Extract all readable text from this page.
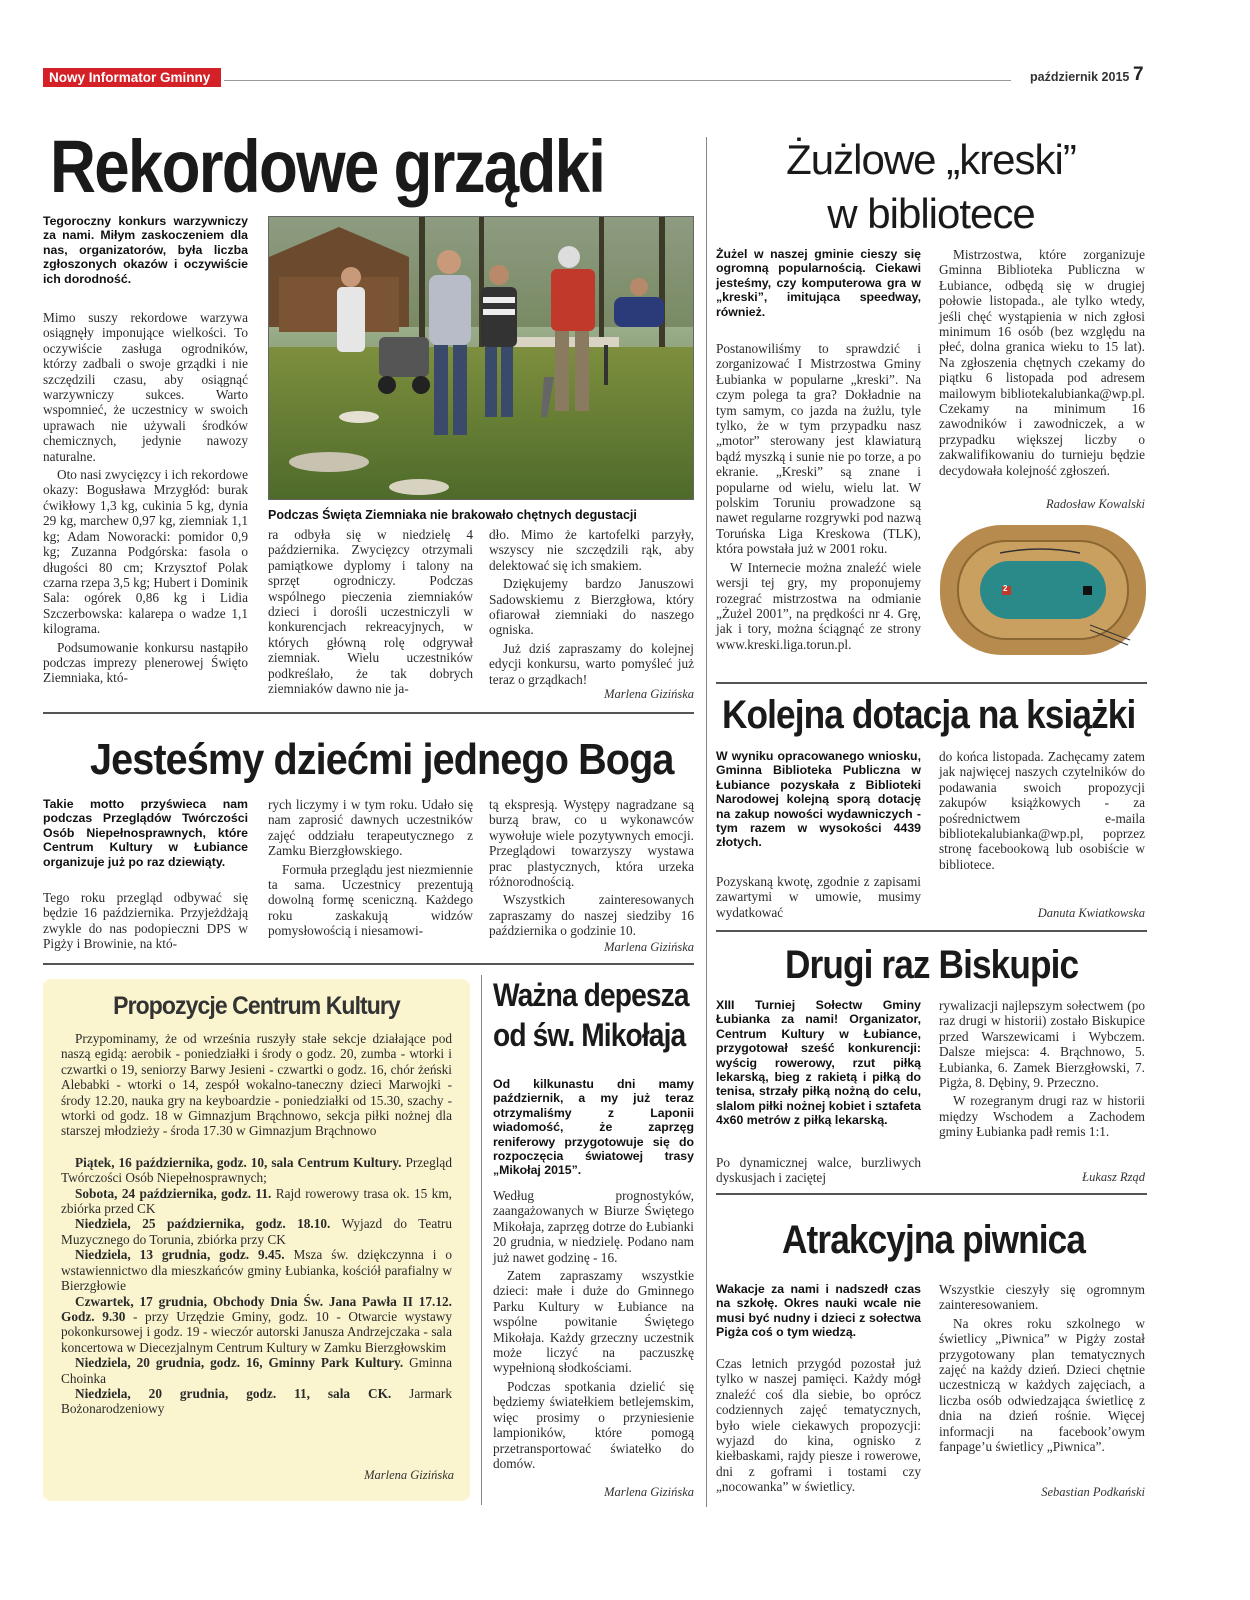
Nowy Informator Gminny	październik 2015 7
Rekordowe grządki
Tegoroczny konkurs warzywniczy za nami. Miłym zaskoczeniem dla nas, organizatorów, była liczba zgłoszonych okazów i oczywiście ich dorodność.

Mimo suszy rekordowe warzywa osiągnęły imponujące wielkości. To oczywiście zasługa ogrodników, którzy zadbali o swoje grządki i nie szczędzili czasu, aby osiągnąć warzywniczy sukces. Warto wspomnieć, że uczestnicy w swoich uprawach nie używali środków chemicznych, jedynie nawozy naturalne.

Oto nasi zwycięzcy i ich rekordowe okazy: Bogusława Mrzygłód: burak ćwikłowy 1,3 kg, cukinia 5 kg, dynia 29 kg, marchew 0,97 kg, ziemniak 1,1 kg; Adam Noworacki: pomidor 0,9 kg; Zuzanna Podgórska: fasola o długości 80 cm; Krzysztof Polak czarna rzepa 3,5 kg; Hubert i Dominik Sala: ogórek 0,86 kg i Lidia Szczerbowska: kalarepa o wadze 1,1 kilograma.

Podsumowanie konkursu nastąpiło podczas imprezy plenerowej Święto Ziemniaka, któ-

Podczas Święta Ziemniaka nie brakowało chętnych degustacji

ra odbyła się w niedzielę 4 października. Zwycięzcy otrzymali pamiątkowe dyplomy i talony na sprzęt ogrodniczy. Podczas wspólnego pieczenia ziemniaków dzieci i dorośli uczestniczyli w konkurencjach rekreacyjnych, w których główną rolę odgrywał ziemniak. Wielu uczestników podkreślało, że tak dobrych ziemniaków dawno nie ja-

dło. Mimo że kartofelki parzyły, wszyscy nie szczędzili rąk, aby delektować się ich smakiem.

Dziękujemy bardzo Januszowi Sadowskiemu z Bierzgłowa, który ofiarował ziemniaki do naszego ogniska.

Już dziś zapraszamy do kolejnej edycji konkursu, warto pomyśleć już teraz o grządkach!

Marlena Gizińska
Żużlowe „kreski”
w bibliotece
Żużel w naszej gminie cieszy się ogromną popularnością. Ciekawi jesteśmy, czy komputerowa gra w „kreski”, imitująca speedway, również.

Postanowiliśmy to sprawdzić i zorganizować I Mistrzostwa Gminy Łubianka w popularne „kreski”. Na czym polega ta gra? Dokładnie na tym samym, co jazda na żużlu, tyle tylko, że w tym przypadku nasz „motor” sterowany jest klawiaturą bądź myszką i sunie nie po torze, a po ekranie. „Kreski” są znane i popularne od wielu, wielu lat. W polskim Toruniu prowadzone są nawet regularne rozgrywki pod nazwą Toruńska Liga Kreskowa (TLK), która powstała już w 2001 roku.

W Internecie można znaleźć wiele wersji tej gry, my proponujemy rozegrać mistrzostwa na odmianie „Żużel 2001”, na prędkości nr 4. Grę, jak i tory, można ściągnąć ze strony www.kreski.liga.torun.pl.

Mistrzostwa, które zorganizuje Gminna Biblioteka Publiczna w Łubiance, odbędą się w drugiej połowie listopada., ale tylko wtedy, jeśli chęć wystąpienia w nich zgłosi minimum 16 osób (bez względu na płeć, dolna granica wieku to 15 lat). Na zgłoszenia chętnych czekamy do piątku 6 listopada pod adresem mailowym bibliotekalubianka@wp.pl. Czekamy na minimum 16 zawodników i zawodniczek, a w przypadku większej liczby o zakwalifikowaniu do turnieju będzie decydowała kolejność zgłoszeń.

Radosław Kowalski
2
Jesteśmy dziećmi jednego Boga
Takie motto przyświeca nam podczas Przeglądów Twórczości Osób Niepełnosprawnych, które Centrum Kultury w Łubiance organizuje już po raz dziewiąty.

Tego roku przegląd odbywać się będzie 16 października. Przyjeżdżają zwykle do nas podopieczni DPS w Pigży i Browinie, na któ-

rych liczymy i w tym roku. Udało się nam zaprosić dawnych uczestników zajęć oddziału terapeutycznego z Zamku Bierzgłowskiego.

Formuła przeglądu jest niezmiennie ta sama. Uczestnicy prezentują dowolną formę sceniczną. Każdego roku zaskakują widzów pomysłowością i niesamowi-

tą ekspresją. Występy nagradzane są burzą braw, co u wykonawców wywołuje wiele pozytywnych emocji. Przeglądowi towarzyszy wystawa prac plastycznych, która urzeka różnorodnością.

Wszystkich zainteresowanych zapraszamy do naszej siedziby 16 października o godzinie 10.

Marlena Gizińska
Kolejna dotacja na książki
W wyniku opracowanego wniosku, Gminna Biblioteka Publiczna w Łubiance pozyskała z Biblioteki Narodowej kolejną sporą dotację na zakup nowości wydawniczych - tym razem w wysokości 4439 złotych.

Pozyskaną kwotę, zgodnie z zapisami zawartymi w umowie, musimy wydatkować

do końca listopada. Zachęcamy zatem jak najwięcej naszych czytelników do podawania swoich propozycji zakupów książkowych - za pośrednictwem e-maila bibliotekalubianka@wp.pl, poprzez stronę facebookową lub osobiście w bibliotece.

Danuta Kwiatkowska
Propozycje Centrum Kultury
Przypominamy, że od września ruszyły stałe sekcje działające pod naszą egidą: aerobik - poniedziałki i środy o godz. 20, zumba - wtorki i czwartki o 19, seniorzy Barwy Jesieni - czwartki o godz. 16, chór żeński Alebabki - wtorki o 14, zespół wokalno-taneczny dzieci Marwojki - środy 12.20, nauka gry na keyboardzie - poniedziałki od 15.30, szachy - wtorki od godz. 18 w Gimnazjum Brąchnowo, sekcja piłki nożnej dla starszej młodzieży - środa 17.30 w Gimnazjum Brąchnowo
Piątek, 16 października, godz. 10, sala Centrum Kultury. Przegląd Twórczości Osób Niepełnosprawnych;
Sobota, 24 października, godz. 11. Rajd rowerowy trasa ok. 15 km, zbiórka przed CK
Niedziela, 25 października, godz. 18.10. Wyjazd do Teatru Muzycznego do Torunia, zbiórka przy CK
Niedziela, 13 grudnia, godz. 9.45. Msza św. dziękczynna i o wstawiennictwo dla mieszkańców gminy Łubianka, kościół parafialny w Bierzgłowie
Czwartek, 17 grudnia, Obchody Dnia Św. Jana Pawła II 17.12. Godz. 9.30 - przy Urzędzie Gminy, godz. 10 - Otwarcie wystawy pokonkursowej i godz. 19 - wieczór autorski Janusza Andrzejczaka - sala koncertowa w Diecezjalnym Centrum Kultury w Zamku Bierzgłowskim
Niedziela, 20 grudnia, godz. 16, Gminny Park Kultury. Gminna Choinka
Niedziela, 20 grudnia, godz. 11, sala CK. Jarmark Bożonarodzeniowy
Marlena Gizińska
Ważna depesza
od św. Mikołaja
Od kilkunastu dni mamy październik, a my już teraz otrzymaliśmy z Laponii wiadomość, że zaprzęg reniferowy przygotowuje się do rozpoczęcia światowej trasy „Mikołaj 2015”.

Według prognostyków, zaangażowanych w Biurze Świętego Mikołaja, zaprzęg dotrze do Łubianki 20 grudnia, w niedzielę. Podano nam już nawet godzinę - 16.

Zatem zapraszamy wszystkie dzieci: małe i duże do Gminnego Parku Kultury w Łubiance na wspólne powitanie Świętego Mikołaja. Każdy grzeczny uczestnik może liczyć na paczuszkę wypełnioną słodkościami.

Podczas spotkania dzielić się będziemy światełkiem betlejemskim, więc prosimy o przyniesienie lampioników, które pomogą przetransportować światełko do domów.

Marlena Gizińska
Drugi raz Biskupic
XIII Turniej Sołectw Gminy Łubianka za nami! Organizator, Centrum Kultury w Łubiance, przygotował sześć konkurencji: wyścig rowerowy, rzut piłką lekarską, bieg z rakietą i piłką do tenisa, strzały piłką nożną do celu, slalom piłki nożnej kobiet i sztafeta 4x60 metrów z piłką lekarską.

Po dynamicznej walce, burzliwych dyskusjach i zaciętej

rywalizacji najlepszym sołectwem (po raz drugi w historii) zostało Biskupice przed Warszewicami i Wybczem. Dalsze miejsca: 4. Brąchnowo, 5. Łubianka, 6. Zamek Bierzgłowski, 7. Pigża, 8. Dębiny, 9. Przeczno.

W rozegranym drugi raz w historii między Wschodem a Zachodem gminy Łubianka padł remis 1:1.

Łukasz Rząd
Atrakcyjna piwnica
Wakacje za nami i nadszedł czas na szkołę. Okres nauki wcale nie musi być nudny i dzieci z sołectwa Pigża coś o tym wiedzą.

Czas letnich przygód pozostał już tylko w naszej pamięci. Każdy mógł znaleźć coś dla siebie, bo oprócz codziennych zajęć tematycznych, było wiele ciekawych propozycji: wyjazd do kina, ognisko z kiełbaskami, rajdy piesze i rowerowe, dni z goframi i tostami czy „nocowanka” w świetlicy.

Wszystkie cieszyły się ogromnym zainteresowaniem.

Na okres roku szkolnego w świetlicy „Piwnica” w Pigży został przygotowany plan tematycznych zajęć na każdy dzień. Dzieci chętnie uczestniczą w każdych zajęciach, a liczba osób odwiedzająca świetlicę z dnia na dzień rośnie. Więcej informacji na facebook’owym fanpage’u świetlicy „Piwnica”.

Sebastian Podkański
